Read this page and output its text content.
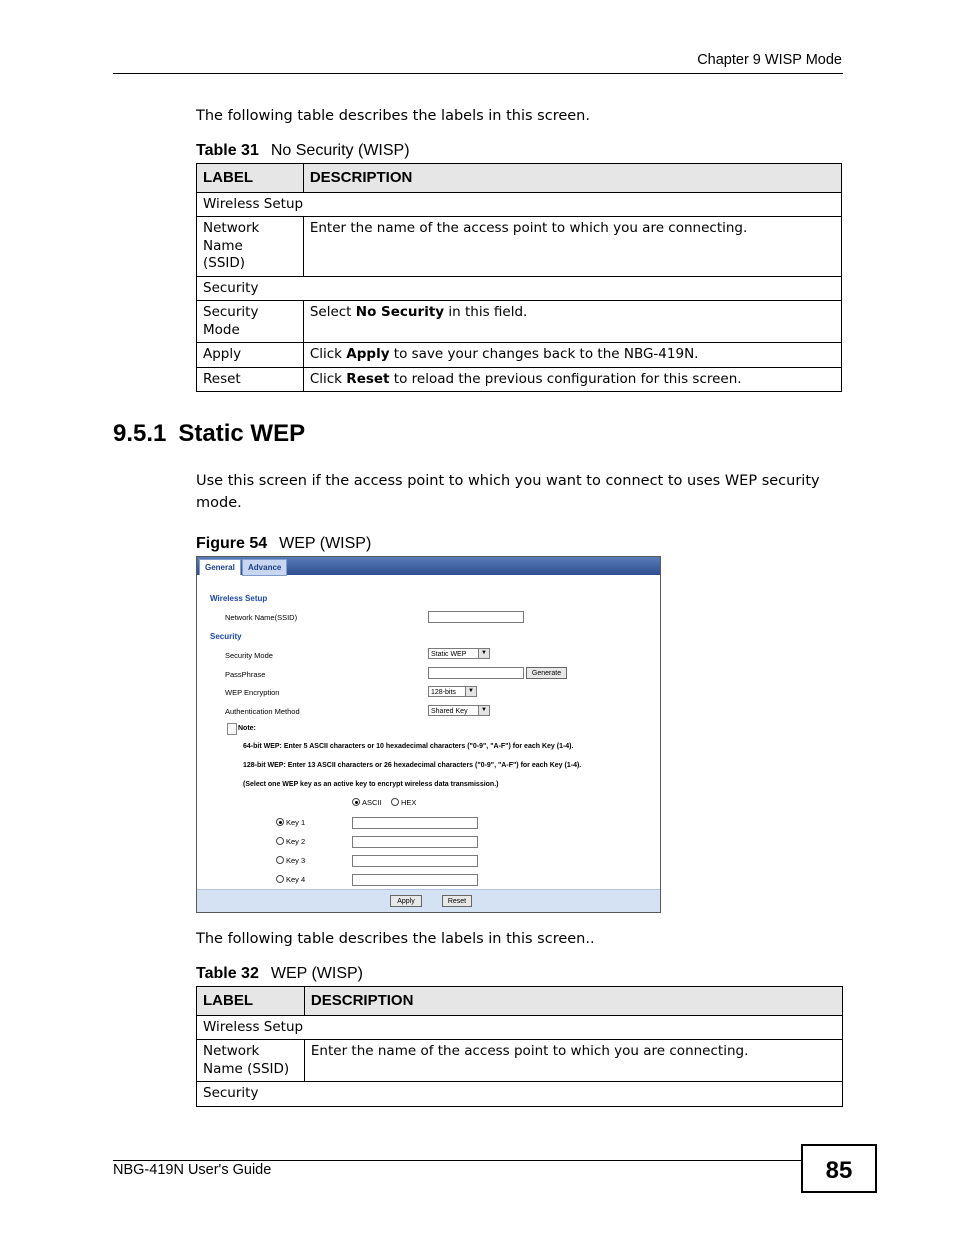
Chapter 9 WISP Mode
The following table describes the labels in this screen.
Table 31 No Security (WISP)
LABEL	DESCRIPTION
Wireless Setup	
Network
Name
(SSID)	Enter the name of the access point to which you are connecting.
Security	
Security
Mode	Select No Security in this field.
Apply	Click Apply to save your changes back to the NBG-419N.
Reset	Click Reset to reload the previous configuration for this screen.
9.5.1 Static WEP
Use this screen if the access point to which you want to connect to uses WEP security mode.
Figure 54 WEP (WISP)
General	Advance
Wireless Setup
Network Name(SSID)
Security
Security Mode	Static WEP	▼
PassPhrase	Generate
WEP Encryption	128-bits	▼
Authentication Method	Shared Key	▼
Note:
64-bit WEP: Enter 5 ASCII characters or 10 hexadecimal characters ("0-9", "A-F") for each Key (1-4).
128-bit WEP: Enter 13 ASCII characters or 26 hexadecimal characters ("0-9", "A-F") for each Key (1-4).
(Select one WEP key as an active key to encrypt wireless data transmission.)
ASCII	HEX
Key 1
Key 2
Key 3
Key 4
Apply	Reset
The following table describes the labels in this screen..
Table 32 WEP (WISP)
LABEL	DESCRIPTION
Wireless Setup	
Network Name (SSID)	Enter the name of the access point to which you are connecting.
Security	
NBG-419N User's Guide	85
